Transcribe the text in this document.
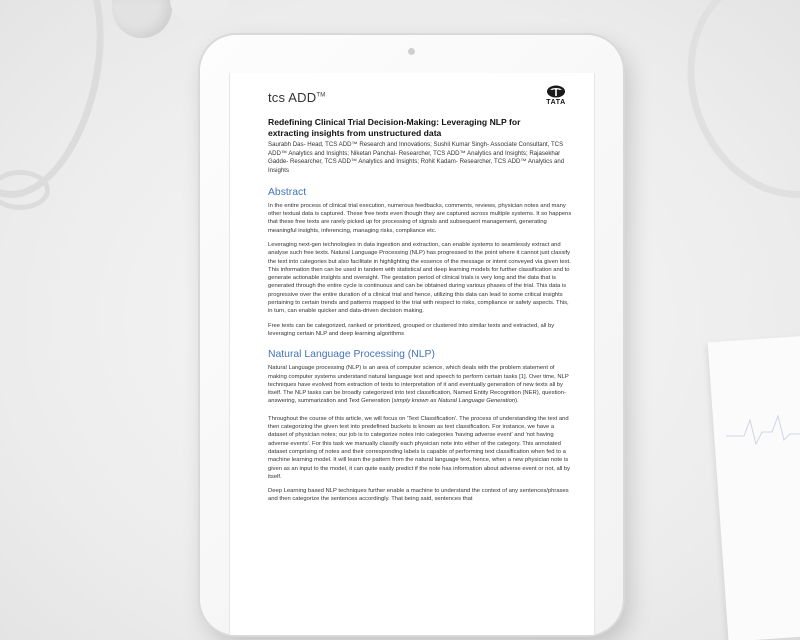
tcs ADD™
TATA
Redefining Clinical Trial Decision-Making: Leveraging NLP for extracting insights from unstructured data
Saurabh Das- Head, TCS ADD™ Research and Innovations; Sushil Kumar Singh- Associate Consultant, TCS ADD™ Analytics and Insights; Niketan Panchal- Researcher, TCS ADD™ Analytics and Insights; Rajasekhar Gadde- Researcher, TCS ADD™ Analytics and Insights; Rohit Kadam- Researcher, TCS ADD™ Analytics and Insights
Abstract

In the entire process of clinical trial execution, numerous feedbacks, comments, reviews, physician notes and many other textual data is captured. These free texts even though they are captured across multiple systems. It so happens that these free texts are rarely picked up for processing of signals and subsequent management, generating meaningful insights, inferencing, managing risks, compliance etc.

Leveraging next-gen technologies in data ingestion and extraction, can enable systems to seamlessly extract and analyse such free texts. Natural Language Processing (NLP) has progressed to the point where it cannot just classify the text into categories but also facilitate in highlighting the essence of the message or intent conveyed via given text. This information then can be used in tandem with statistical and deep learning models for further classification and to generate actionable insights and oversight. The gestation period of clinical trials is very long and the data that is generated through the entire cycle is continuous and can be obtained during various phases of the trial. This data is progressive over the entire duration of a clinical trial and hence, utilizing this data can lead to some critical insights pertaining to certain trends and patterns mapped to the trial with respect to risks, compliance or safety aspects. This, in turn, can enable quicker and data-driven decision making.

Free texts can be categorized, ranked or prioritized, grouped or clustered into similar texts and extracted, all by leveraging certain NLP and deep learning algorithms

Natural Language Processing (NLP)

Natural Language processing (NLP) is an area of computer science, which deals with the problem statement of making computer systems understand natural language text and speech to perform certain tasks [1]. Over time, NLP techniques have evolved from extraction of texts to interpretation of it and eventually generation of new texts all by itself. The NLP tasks can be broadly categorized into text classification, Named Entity Recognition (NER), question- answering, summarization and Text Generation (simply known as Natural Language Generation).

Throughout the course of this article, we will focus on 'Text Classification'. The process of understanding the text and then categorizing the given text into predefined buckets is known as text classification. For instance, we have a dataset of physician notes; our job is to categorize notes into categories 'having adverse event' and 'not having adverse events'. For this task we manually classify each physician note into either of the category. This annotated dataset comprising of notes and their corresponding labels is capable of performing text classification when fed to a machine learning model. It will learn the pattern from the natural language text, hence, when a new physician note is given as an input to the model, it can quite easily predict if the note has information about adverse event or not, all by itself.

Deep Learning based NLP techniques further enable a machine to understand the context of any sentences/phrases and then categorize the sentences accordingly. That being said, sentences that
